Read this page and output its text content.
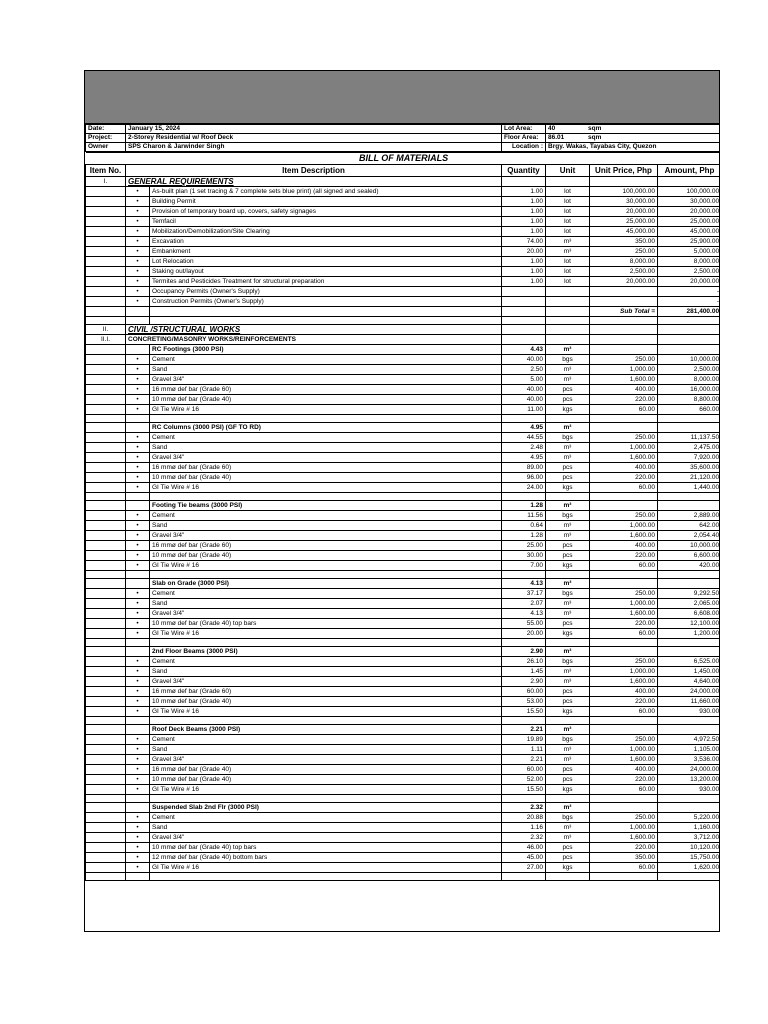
Date:	January 15, 2024	Lot Area:	40 sqm
Project:	2-Storey Residential w/ Roof Deck	Floor Area:	86.01 sqm
Owner	SPS Charon & Jarwinder Singh	Location :	Brgy. Wakas, Tayabas City, Quezon
BILL OF MATERIALS						
Item No.	Item Description		Quantity	Unit	Unit Price, Php	Amount, Php
I.	GENERAL REQUIREMENTS					
	•	As-built plan (1 set tracing & 7 complete sets blue print) (all signed and sealed)	1.00	lot	100,000.00	100,000.00
	•	Building Permit	1.00	lot	30,000.00	30,000.00
	•	Provision of temporary board up, covers, safety signages	1.00	lot	20,000.00	20,000.00
	•	Temfacil	1.00	lot	25,000.00	25,000.00
	•	Mobilization/Demobilization/Site Clearing	1.00	lot	45,000.00	45,000.00
	•	Excavation	74.00	m³	350.00	25,900.00
	•	Embankment	20.00	m³	250.00	5,000.00
	•	Lot Relocation	1.00	lot	8,000.00	8,000.00
	•	Staking out/layout	1.00	lot	2,500.00	2,500.00
	•	Termites and Pesticides Treatment for structural preparation	1.00	lot	20,000.00	20,000.00
	•	Occupancy Permits (Owner's Supply)				-
	•	Construction Permits (Owner's Supply)				-
					Sub Total =	281,400.00

II.	CIVIL /STRUCTURAL WORKS					
II.I.	CONCRETING/MASONRY WORKS/REINFORCEMENTS					
		RC Footings (3000 PSI)	4.43	m³		
	•	Cement	40.00	bgs	250.00	10,000.00
	•	Sand	2.50	m³	1,000.00	2,500.00
	•	Gravel 3/4"	5.00	m³	1,600.00	8,000.00
	•	16 mmø def bar (Grade 60)	40.00	pcs	400.00	16,000.00
	•	10 mmø def bar (Grade 40)	40.00	pcs	220.00	8,800.00
	•	GI Tie Wire # 16	11.00	kgs	60.00	660.00

		RC Columns (3000 PSI) (GF TO RD)	4.95	m³		
	•	Cement	44.55	bgs	250.00	11,137.50
	•	Sand	2.48	m³	1,000.00	2,475.00
	•	Gravel 3/4"	4.95	m³	1,600.00	7,920.00
	•	16 mmø def bar (Grade 60)	89.00	pcs	400.00	35,600.00
	•	10 mmø def bar (Grade 40)	96.00	pcs	220.00	21,120.00
	•	GI Tie Wire # 16	24.00	kgs	60.00	1,440.00

		Footing Tie beams (3000 PSI)	1.28	m³		
	•	Cement	11.56	bgs	250.00	2,889.00
	•	Sand	0.64	m³	1,000.00	642.00
	•	Gravel 3/4"	1.28	m³	1,600.00	2,054.40
	•	16 mmø def bar (Grade 60)	25.00	pcs	400.00	10,000.00
	•	10 mmø def bar (Grade 40)	30.00	pcs	220.00	6,600.00
	•	GI Tie Wire # 16	7.00	kgs	60.00	420.00

		Slab on Grade (3000 PSI)	4.13	m³		
	•	Cement	37.17	bgs	250.00	9,292.50
	•	Sand	2.07	m³	1,000.00	2,065.00
	•	Gravel 3/4"	4.13	m³	1,600.00	6,608.00
	•	10 mmø def bar (Grade 40) top bars	55.00	pcs	220.00	12,100.00
	•	GI Tie Wire # 16	20.00	kgs	60.00	1,200.00

		2nd Floor Beams (3000 PSI)	2.90	m³		
	•	Cement	26.10	bgs	250.00	6,525.00
	•	Sand	1.45	m³	1,000.00	1,450.00
	•	Gravel 3/4"	2.90	m³	1,600.00	4,640.00
	•	16 mmø def bar (Grade 60)	60.00	pcs	400.00	24,000.00
	•	10 mmø def bar (Grade 40)	53.00	pcs	220.00	11,660.00
	•	GI Tie Wire # 16	15.50	kgs	60.00	930.00

		Roof Deck Beams (3000 PSI)	2.21	m³		
	•	Cement	19.89	bgs	250.00	4,972.50
	•	Sand	1.11	m³	1,000.00	1,105.00
	•	Gravel 3/4"	2.21	m³	1,600.00	3,536.00
	•	16 mmø def bar (Grade 40)	60.00	pcs	400.00	24,000.00
	•	10 mmø def bar (Grade 40)	52.00	pcs	220.00	13,200.00
	•	GI Tie Wire # 16	15.50	kgs	60.00	930.00

		Suspended Slab 2nd Flr (3000 PSI)	2.32	m³		
	•	Cement	20.88	bgs	250.00	5,220.00
	•	Sand	1.16	m³	1,000.00	1,160.00
	•	Gravel 3/4"	2.32	m³	1,600.00	3,712.00
	•	10 mmø def bar (Grade 40) top bars	46.00	pcs	220.00	10,120.00
	•	12 mmø def bar (Grade 40) bottom bars	45.00	pcs	350.00	15,750.00
	•	GI Tie Wire # 16	27.00	kgs	60.00	1,620.00
